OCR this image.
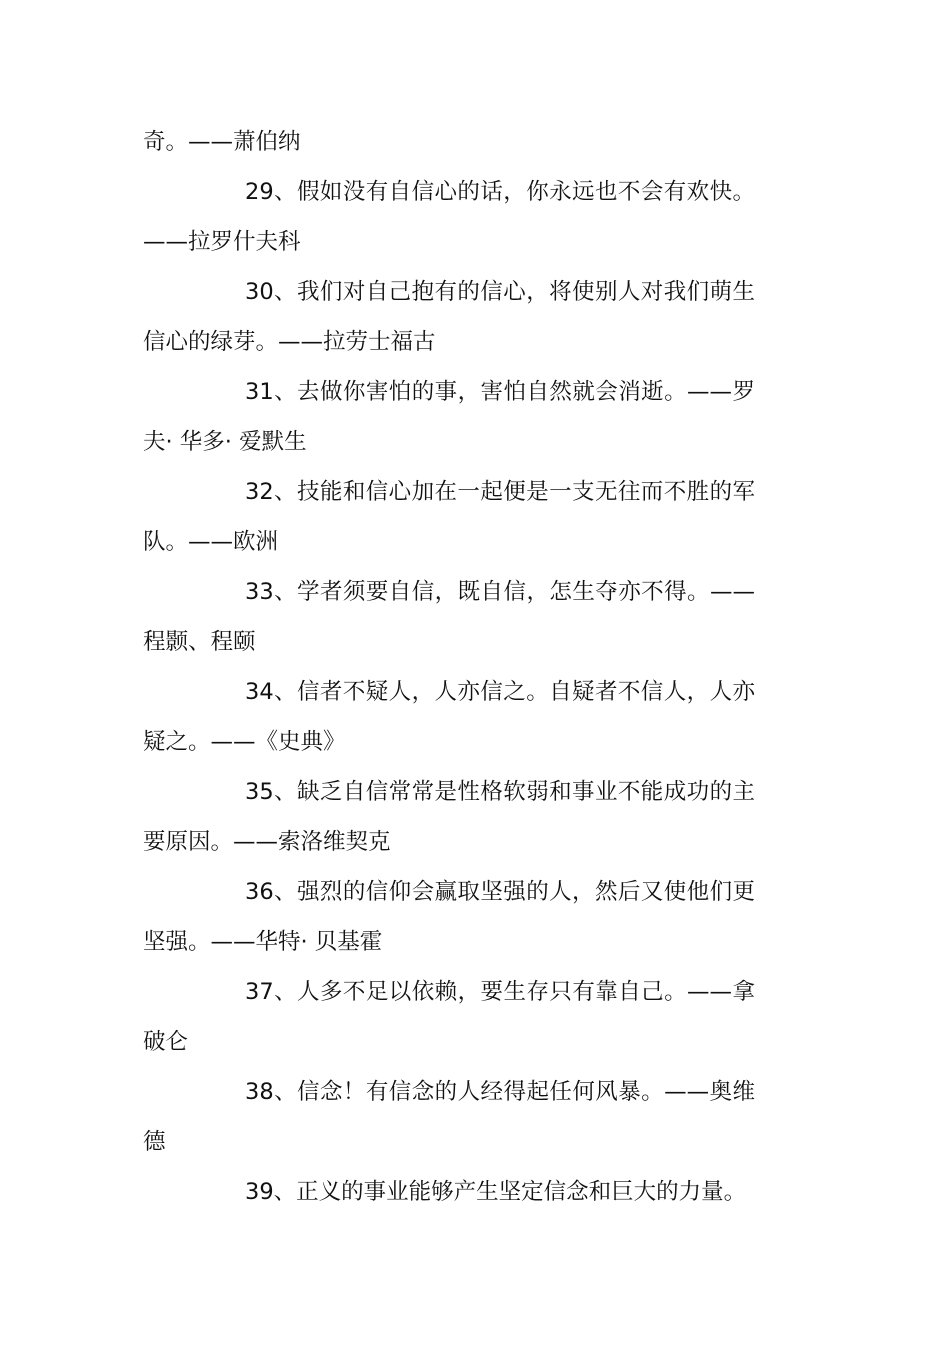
奇。——萧伯纳

29、假如没有自信心的话，你永远也不会有欢快。——拉罗什夫科

30、我们对自己抱有的信心，将使别人对我们萌生信心的绿芽。——拉劳士福古

31、去做你害怕的事，害怕自然就会消逝。——罗夫· 华多· 爱默生

32、技能和信心加在一起便是一支无往而不胜的军队。——欧洲

33、学者须要自信，既自信，怎生夺亦不得。——程颢、程颐

34、信者不疑人，人亦信之。自疑者不信人，人亦疑之。——《史典》

35、缺乏自信常常是性格软弱和事业不能成功的主要原因。——索洛维契克

36、强烈的信仰会赢取坚强的人，然后又使他们更坚强。——华特· 贝基霍

37、人多不足以依赖，要生存只有靠自己。——拿破仑

38、信念！有信念的人经得起任何风暴。——奥维德

39、正义的事业能够产生坚定信念和巨大的力量。
